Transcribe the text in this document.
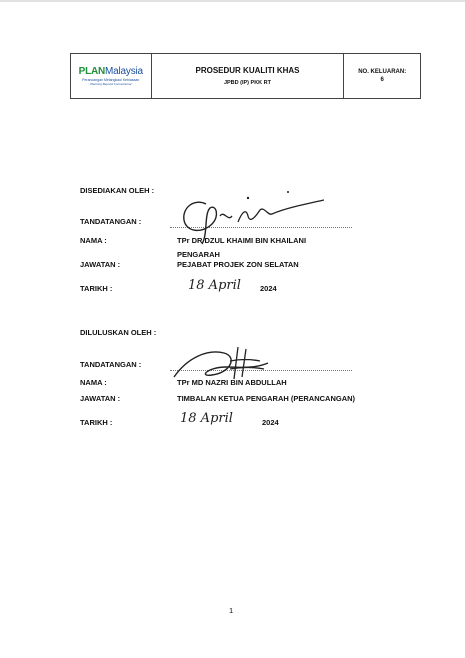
PLANMalaysia
Perancangan Melangkaui Kebiasaan
Planning Beyond Conventional
PROSEDUR KUALITI KHAS
JPBD (IP) PKK RT
NO. KELUARAN:
6
DISEDIAKAN OLEH :
TANDATANGAN :
NAMA :	TPr DR DZUL KHAIMI BIN KHAILANI
PENGARAH
JAWATAN :	PEJABAT PROJEK ZON SELATAN
TARIKH :	18 April	2024
DILULUSKAN OLEH :
TANDATANGAN :
NAMA :	TPr MD NAZRI BIN ABDULLAH
JAWATAN :	TIMBALAN KETUA PENGARAH (PERANCANGAN)
TARIKH :	18 April	2024
1
